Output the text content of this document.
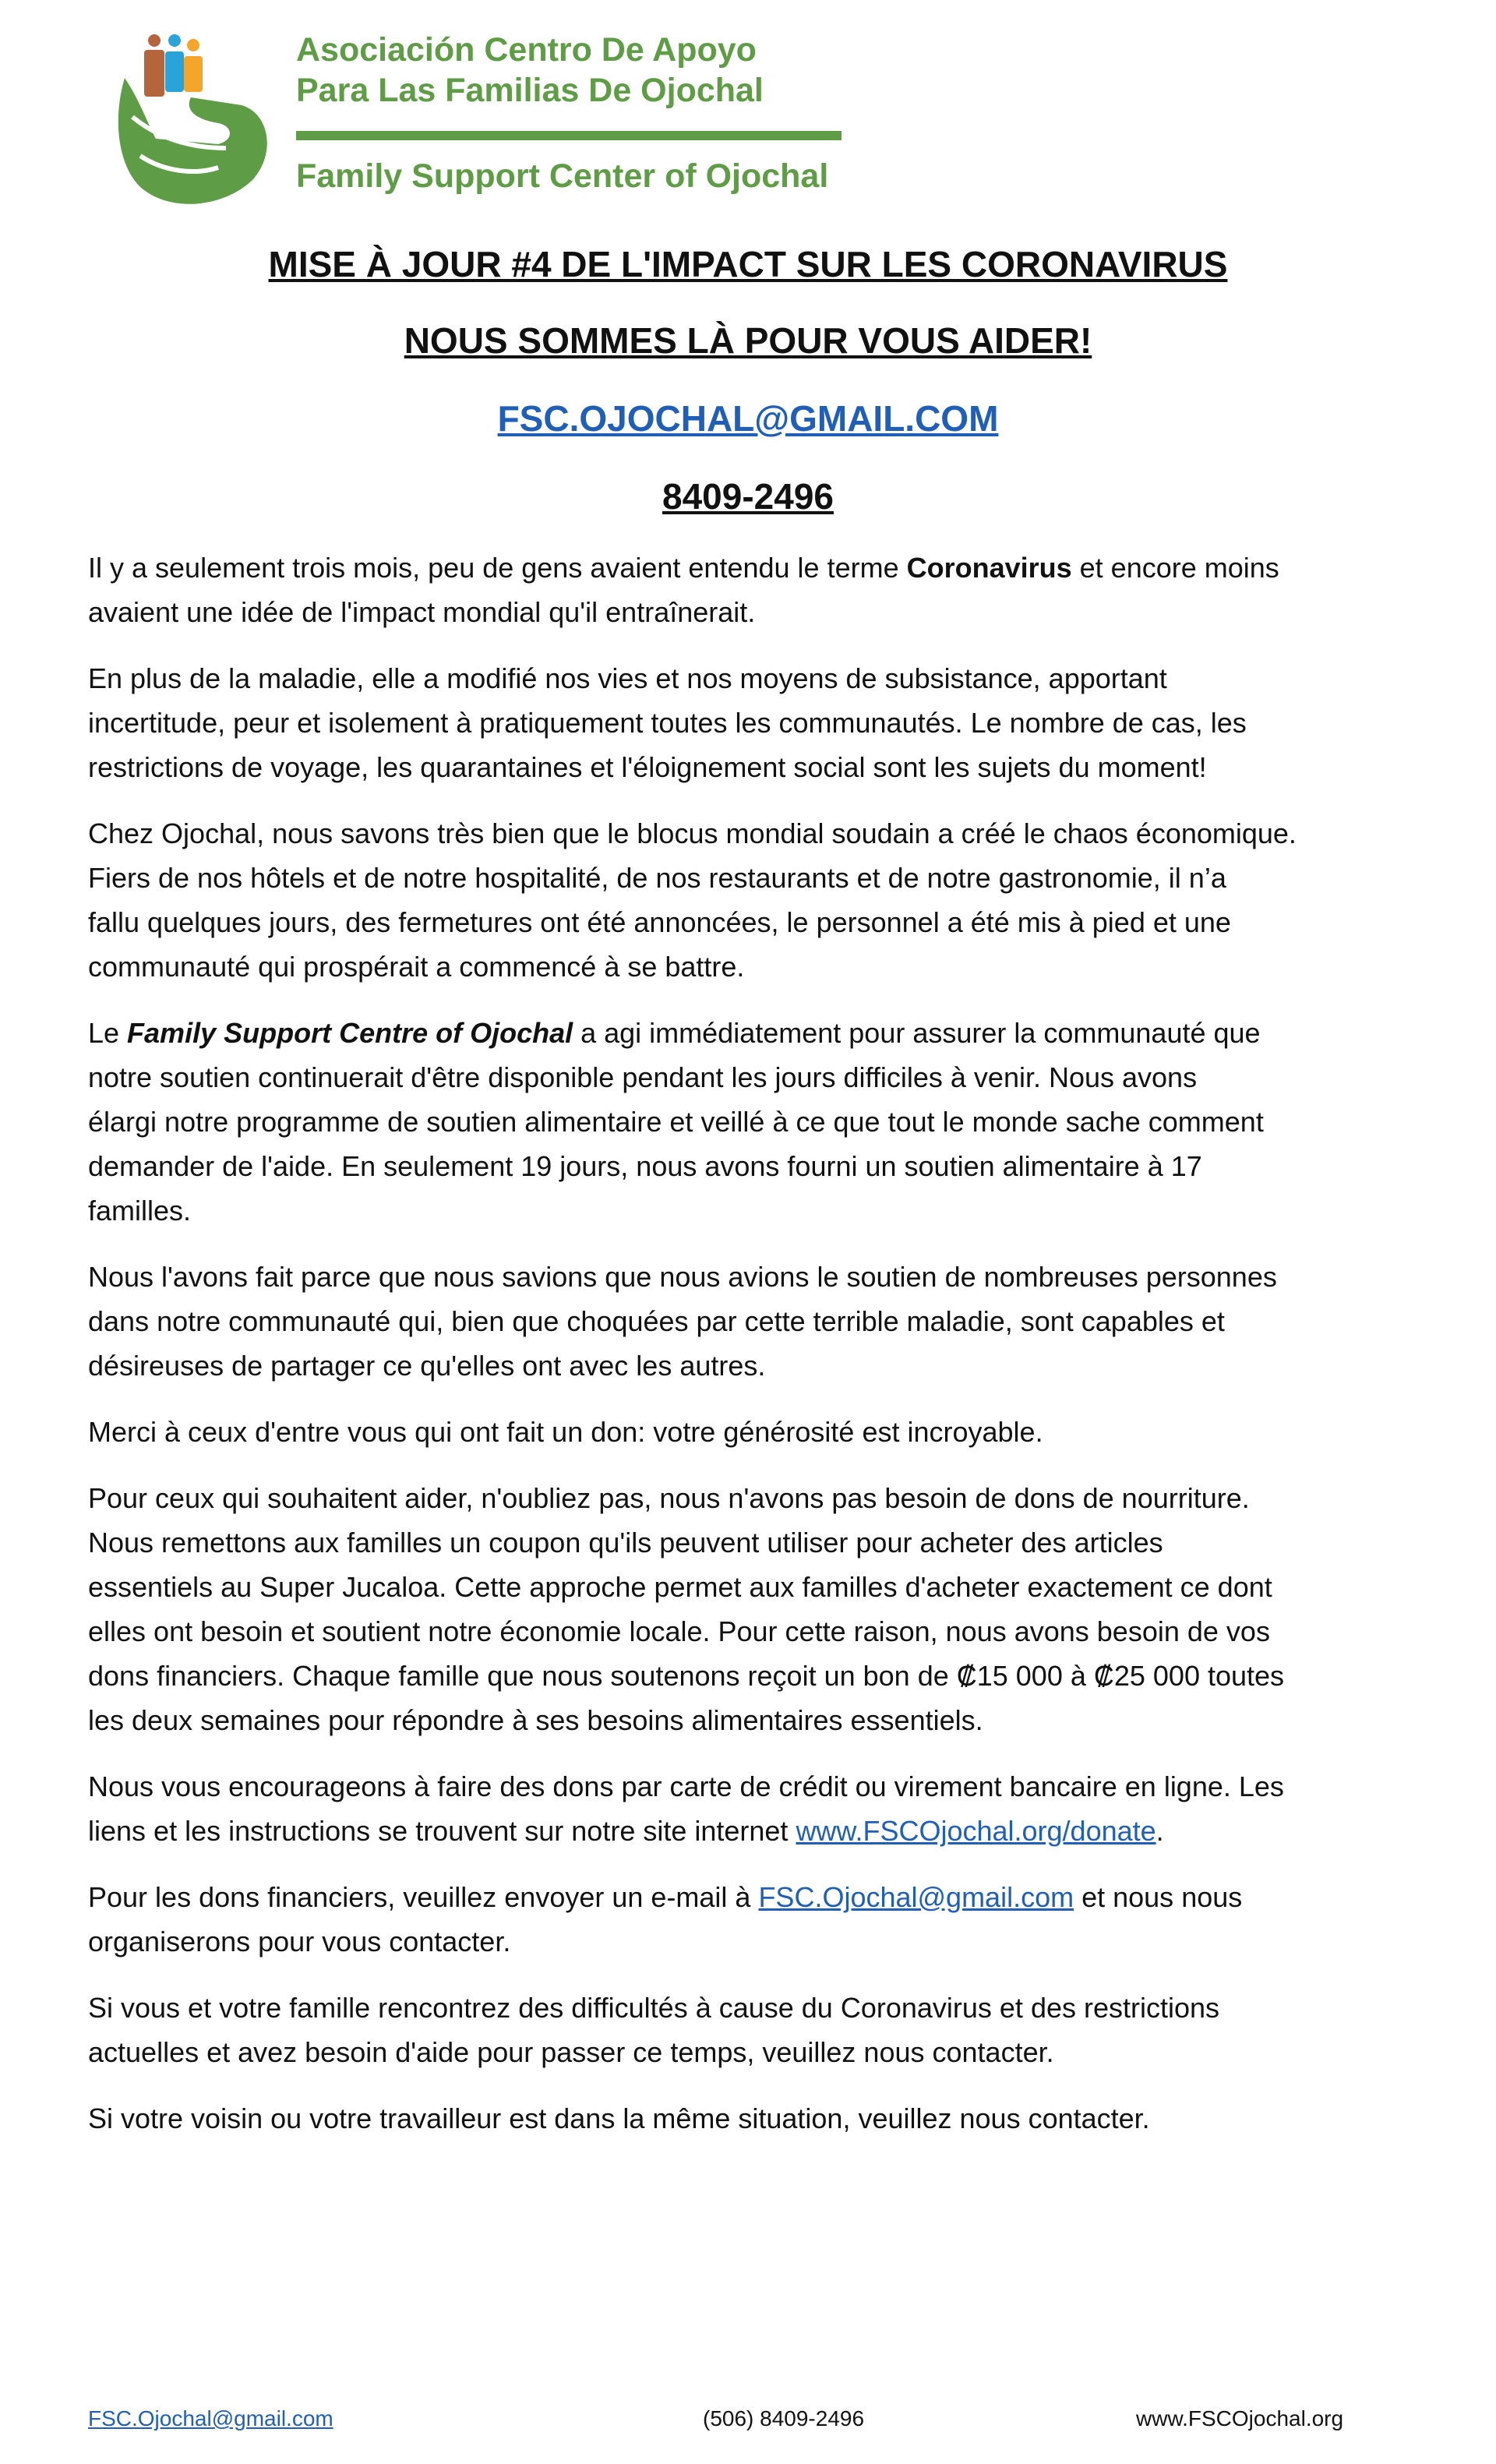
Asociación Centro De Apoyo
Para Las Familias De Ojochal
Family Support Center of Ojochal
MISE À JOUR #4 DE L'IMPACT SUR LES CORONAVIRUS
NOUS SOMMES LÀ POUR VOUS AIDER!
FSC.OJOCHAL@GMAIL.COM
8409-2496

Il y a seulement trois mois, peu de gens avaient entendu le terme Coronavirus et encore moins
avaient une idée de l'impact mondial qu'il entraînerait.

En plus de la maladie, elle a modifié nos vies et nos moyens de subsistance, apportant
incertitude, peur et isolement à pratiquement toutes les communautés. Le nombre de cas, les
restrictions de voyage, les quarantaines et l'éloignement social sont les sujets du moment!

Chez Ojochal, nous savons très bien que le blocus mondial soudain a créé le chaos économique.
Fiers de nos hôtels et de notre hospitalité, de nos restaurants et de notre gastronomie, il n’a
fallu quelques jours, des fermetures ont été annoncées, le personnel a été mis à pied et une
communauté qui prospérait a commencé à se battre.

Le Family Support Centre of Ojochal a agi immédiatement pour assurer la communauté que
notre soutien continuerait d'être disponible pendant les jours difficiles à venir. Nous avons
élargi notre programme de soutien alimentaire et veillé à ce que tout le monde sache comment
demander de l'aide. En seulement 19 jours, nous avons fourni un soutien alimentaire à 17
familles.

Nous l'avons fait parce que nous savions que nous avions le soutien de nombreuses personnes
dans notre communauté qui, bien que choquées par cette terrible maladie, sont capables et
désireuses de partager ce qu'elles ont avec les autres.

Merci à ceux d'entre vous qui ont fait un don: votre générosité est incroyable.

Pour ceux qui souhaitent aider, n'oubliez pas, nous n'avons pas besoin de dons de nourriture.
Nous remettons aux familles un coupon qu'ils peuvent utiliser pour acheter des articles
essentiels au Super Jucaloa. Cette approche permet aux familles d'acheter exactement ce dont
elles ont besoin et soutient notre économie locale. Pour cette raison, nous avons besoin de vos
dons financiers. Chaque famille que nous soutenons reçoit un bon de ₡15 000 à ₡25 000 toutes
les deux semaines pour répondre à ses besoins alimentaires essentiels.

Nous vous encourageons à faire des dons par carte de crédit ou virement bancaire en ligne. Les
liens et les instructions se trouvent sur notre site internet www.FSCOjochal.org/donate.

Pour les dons financiers, veuillez envoyer un e-mail à FSC.Ojochal@gmail.com et nous nous
organiserons pour vous contacter.

Si vous et votre famille rencontrez des difficultés à cause du Coronavirus et des restrictions
actuelles et avez besoin d'aide pour passer ce temps, veuillez nous contacter.

Si votre voisin ou votre travailleur est dans la même situation, veuillez nous contacter.

FSC.Ojochal@gmail.com	(506) 8409-2496	www.FSCOjochal.org
